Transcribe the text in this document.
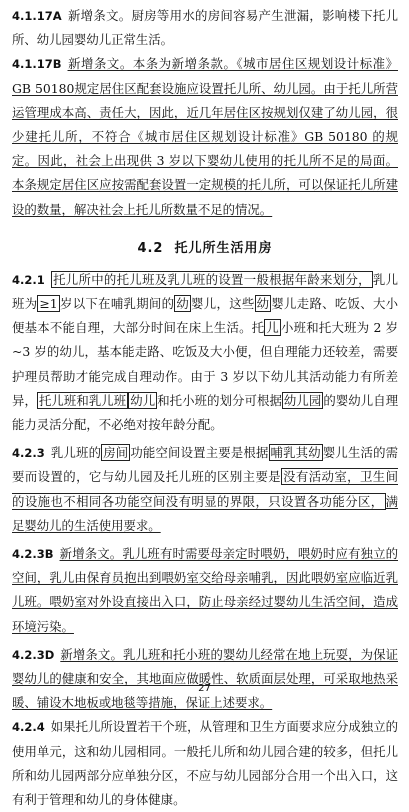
4.1.17A 新增条文。厨房等用水的房间容易产生泄漏，影响楼下托儿所、幼儿园婴幼儿正常生活。

4.1.17B 新增条文。本条为新增条款。《城市居住区规划设计标准》GB 50180规定居住区配套设施应设置托儿所、幼儿园。由于托儿所营运管理成本高、责任大，因此，近几年居住区按规划仅建了幼儿园，很少建托儿所，不符合《城市居住区规划设计标准》GB 50180 的规定。因此，社会上出现供 3 岁以下婴幼儿使用的托儿所不足的局面。本条规定居住区应按需配套设置一定规模的托儿所，可以保证托儿所建设的数量，解决社会上托儿所数量不足的情况。

4.2 托儿所生活用房

4.2.1 托儿所中的托儿班及乳儿班的设置一般根据年龄来划分， 乳儿班为 ≥1 岁以下在哺乳期间的 幼 婴儿，这些 幼 婴儿走路、吃饭、大小便基本不能自理，大部分时间在床上生活。托 儿 小班和托大班为 2 岁~3 岁的幼儿，基本能走路、吃饭及大小便，但自理能力还较差，需要护理员帮助才能完成自理动作。由于 3 岁以下幼儿其活动能力有所差异， 托儿班和乳儿班 幼儿 和托小班的划分可根据 幼儿园 的婴幼儿自理能力灵活分配，不必绝对按年龄分配。

4.2.3 乳儿班的 房间 功能空间设置主要是根据 哺乳其幼 婴儿生活的需要而设置的，它与幼儿园及托儿班的区别主要是 没有活动室，卫生间的设施也不相同各功能空间没有明显的界限，只设置各功能分区， 满足婴幼儿的生活使用要求。

4.2.3B 新增条文。乳儿班有时需要母亲定时喂奶，喂奶时应有独立的空间，乳儿由保育员抱出到喂奶室交给母亲哺乳，因此喂奶室应临近乳儿班。喂奶室对外设直接出入口，防止母亲经过婴幼儿生活空间，造成环境污染。

4.2.3D 新增条文。乳儿班和托小班的婴幼儿经常在地上玩耍，为保证婴幼儿的健康和安全，其地面应做暖性、软质面层处理，可采取地热采暖、铺设木地板或地毯等措施，保证上述要求。

4.2.4 如果托儿所设置若干个班，从管理和卫生方面要求应分成独立的使用单元，这和幼儿园相同。一般托儿所和幼儿园合建的较多，但托儿所和幼儿园两部分应单独分区，不应与幼儿园部分合用一个出入口，这有利于管理和幼儿的身体健康。

27
